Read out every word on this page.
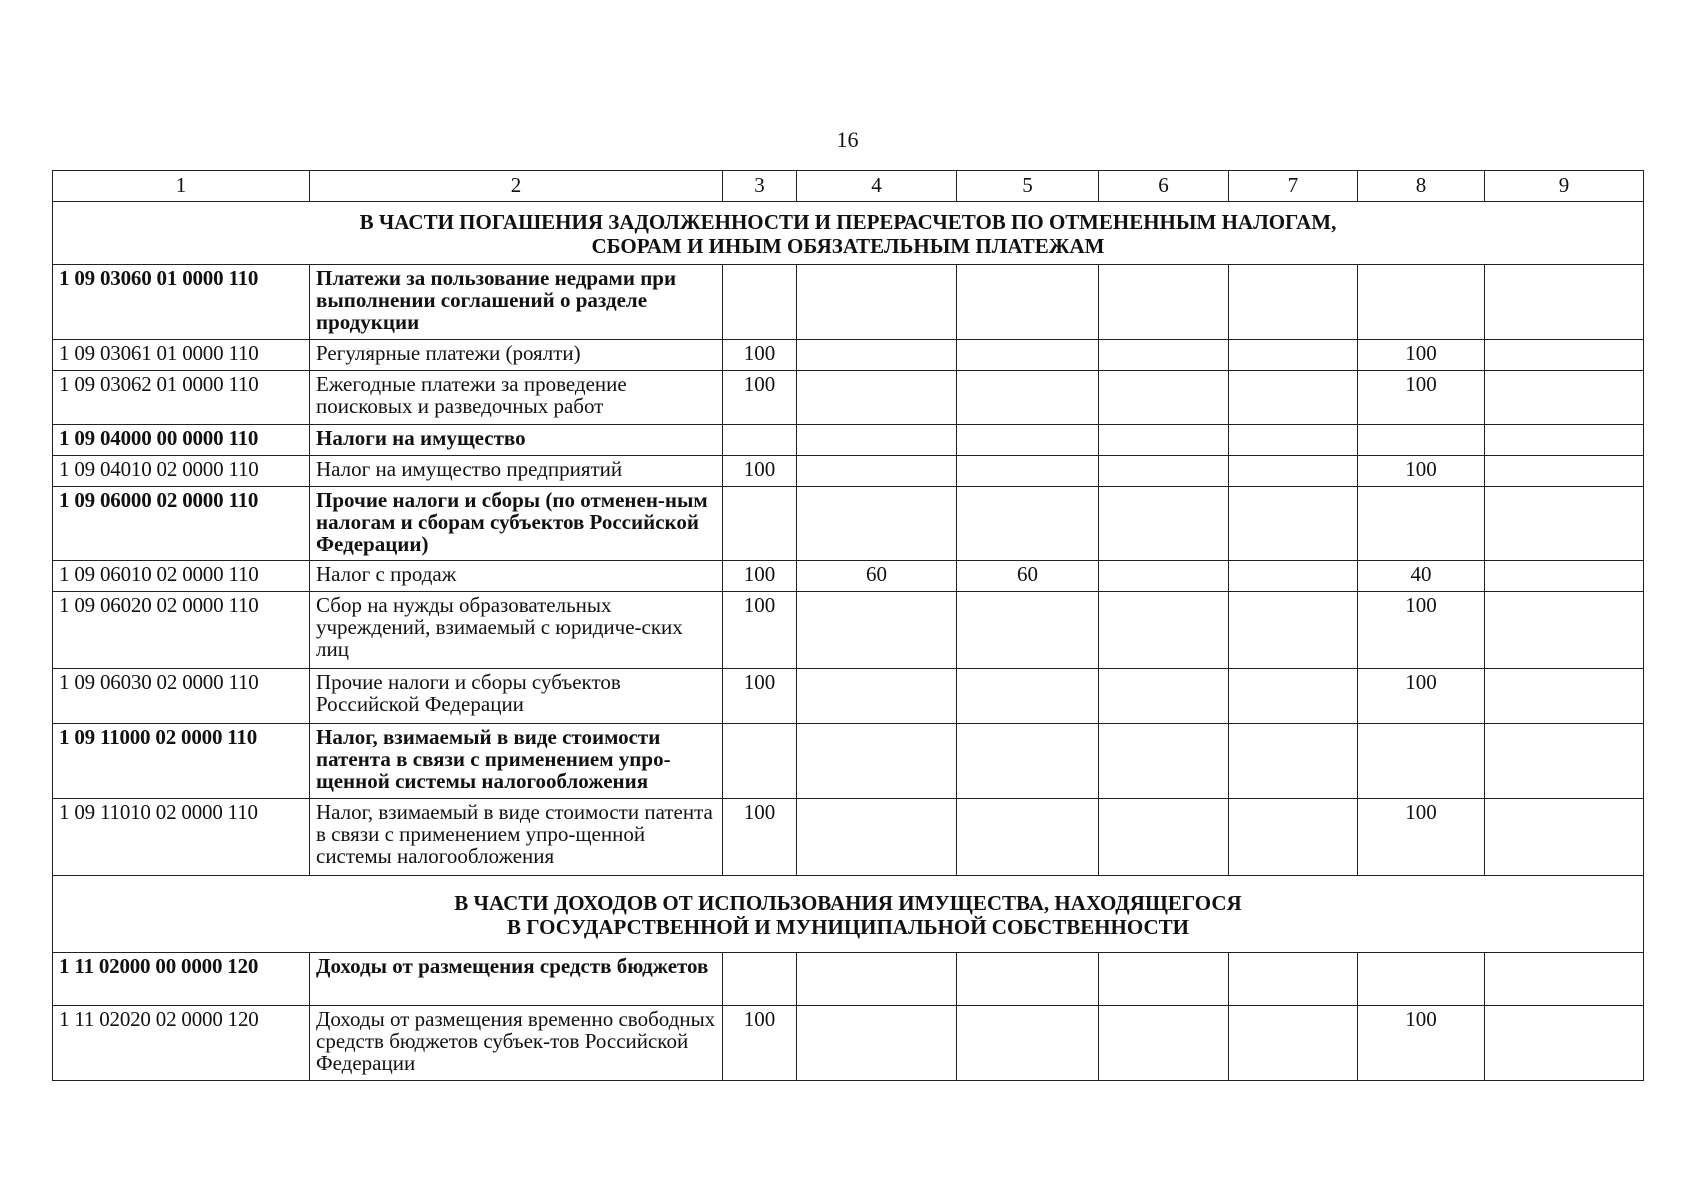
16
1	2	3	4	5	6	7	8	9
В ЧАСТИ ПОГАШЕНИЯ ЗАДОЛЖЕННОСТИ И ПЕРЕРАСЧЕТОВ ПО ОТМЕНЕННЫМ НАЛОГАМ,
СБОРАМ И ИНЫМ ОБЯЗАТЕЛЬНЫМ ПЛАТЕЖАМ								
1 09 03060 01 0000 110	Платежи за пользование недрами при выполнении соглашений о разделе продукции							
1 09 03061 01 0000 110	Регулярные платежи (роялти)	100					100	
1 09 03062 01 0000 110	Ежегодные платежи за проведение поисковых и разведочных работ	100					100	
1 09 04000 00 0000 110	Налоги на имущество							
1 09 04010 02 0000 110	Налог на имущество предприятий	100					100	
1 09 06000 02 0000 110	Прочие налоги и сборы (по отменен-ным налогам и сборам субъектов Российской Федерации)							
1 09 06010 02 0000 110	Налог с продаж	100	60	60			40	
1 09 06020 02 0000 110	Сбор на нужды образовательных учреждений, взимаемый с юридиче-ских лиц	100					100	
1 09 06030 02 0000 110	Прочие налоги и сборы субъектов Российской Федерации	100					100	
1 09 11000 02 0000 110	Налог, взимаемый в виде стоимости патента в связи с применением упро-щенной системы налогообложения							
1 09 11010 02 0000 110	Налог, взимаемый в виде стоимости патента в связи с применением упро-щенной системы налогообложения	100					100	
В ЧАСТИ ДОХОДОВ ОТ ИСПОЛЬЗОВАНИЯ ИМУЩЕСТВА, НАХОДЯЩЕГОСЯ
В ГОСУДАРСТВЕННОЙ И МУНИЦИПАЛЬНОЙ СОБСТВЕННОСТИ								
1 11 02000 00 0000 120	Доходы от размещения средств бюджетов							
1 11 02020 02 0000 120	Доходы от размещения временно свободных средств бюджетов субъек-тов Российской Федерации	100					100	
